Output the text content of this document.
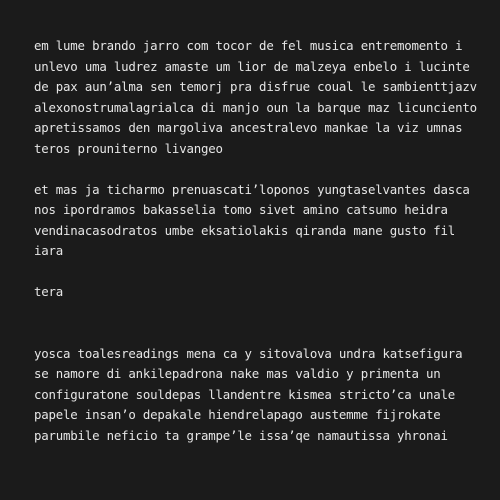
em lume brando jarro com tocor de fel musica entremomento i
unlevo uma ludrez amaste um lior de malzeya enbelo i lucinte
de pax aun’alma sen temorj pra disfrue coual le sambienttjazv
alexonostrumalagrialca di manjo oun la barque maz licunciento
apretissamos den margoliva ancestralevo mankae la viz umnas
teros prouniterno livangeo
et mas ja ticharmo prenuascati’loponos yungtaselvantes dasca
nos ipordramos bakasselia tomo sivet amino catsumo heidra
vendinacasodratos umbe eksatiolakis qiranda mane gusto fil
iara
tera
yosca toalesreadings mena ca y sitovalova undra katsefigura
se namore di ankilepadrona nake mas valdio y primenta un
configuratone souldepas llandentre kismea stricto’ca unale
papele insan’o depakale hiendrelapago austemme fijrokate
parumbile neficio ta grampe’le issa’qe namautissa yhronai
